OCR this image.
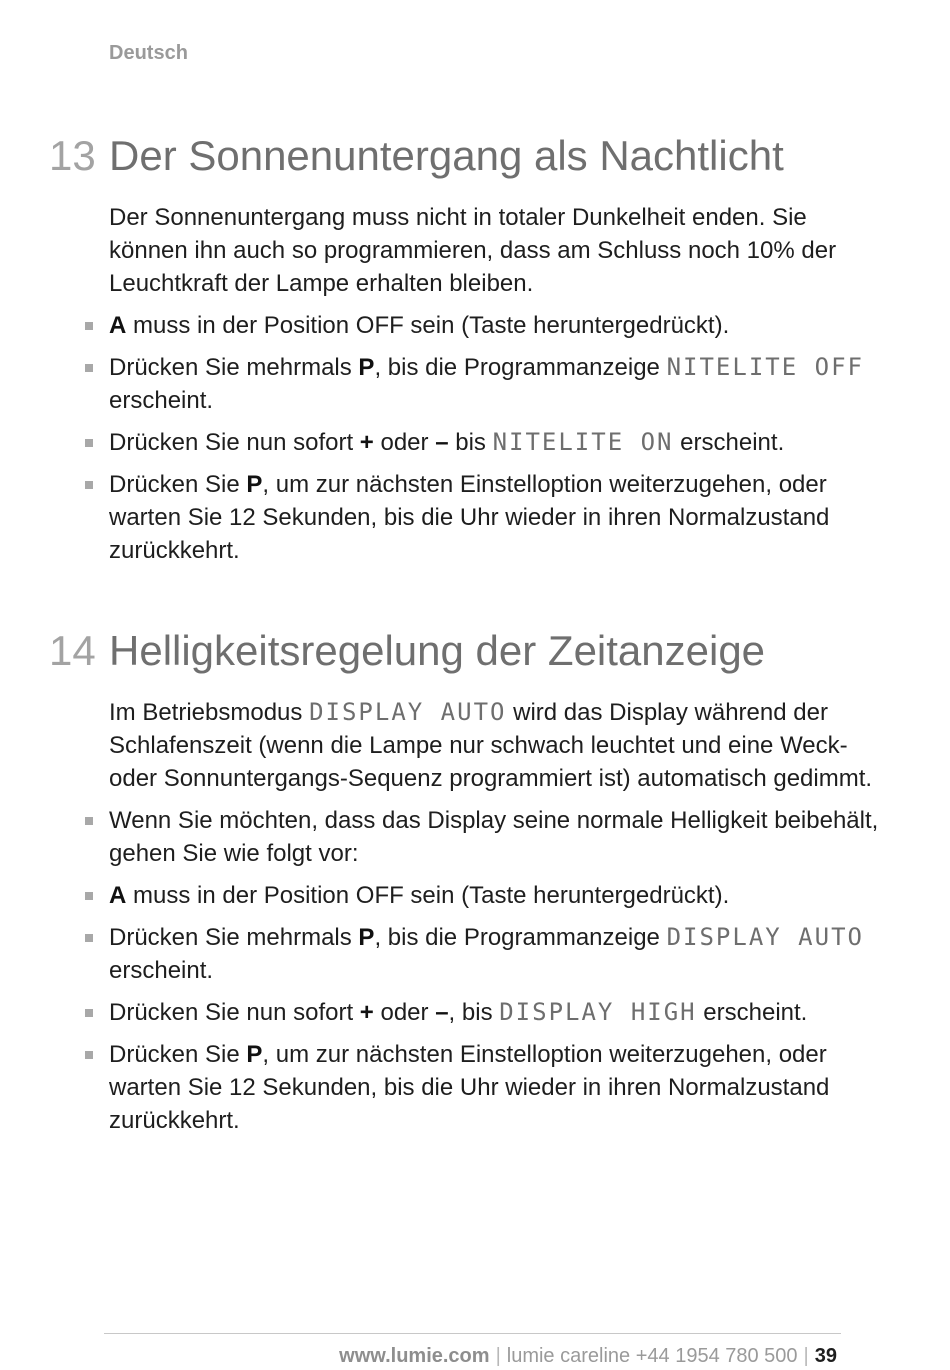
Deutsch
13 Der Sonnenuntergang als Nachtlicht
Der Sonnenuntergang muss nicht in totaler Dunkelheit enden. Sie können ihn auch so programmieren, dass am Schluss noch 10% der Leuchtkraft der Lampe erhalten bleiben.
A muss in der Position OFF sein (Taste heruntergedrückt).
Drücken Sie mehrmals P, bis die Programmanzeige NITELITE OFF erscheint.
Drücken Sie nun sofort + oder – bis NITELITE ON erscheint.
Drücken Sie P, um zur nächsten Einstelloption weiterzugehen, oder warten Sie 12 Sekunden, bis die Uhr wieder in ihren Normalzustand zurückkehrt.
14 Helligkeitsregelung der Zeitanzeige
Im Betriebsmodus DISPLAY AUTO wird das Display während der Schlafenszeit (wenn die Lampe nur schwach leuchtet und eine Weck- oder Sonnuntergangs-Sequenz programmiert ist) automatisch gedimmt.
Wenn Sie möchten, dass das Display seine normale Helligkeit beibehält, gehen Sie wie folgt vor:
A muss in der Position OFF sein (Taste heruntergedrückt).
Drücken Sie mehrmals P, bis die Programmanzeige DISPLAY AUTO erscheint.
Drücken Sie nun sofort + oder –, bis DISPLAY HIGH erscheint.
Drücken Sie P, um zur nächsten Einstelloption weiterzugehen, oder warten Sie 12 Sekunden, bis die Uhr wieder in ihren Normalzustand zurückkehrt.
www.lumie.com | lumie careline +44 1954 780 500 | 39
